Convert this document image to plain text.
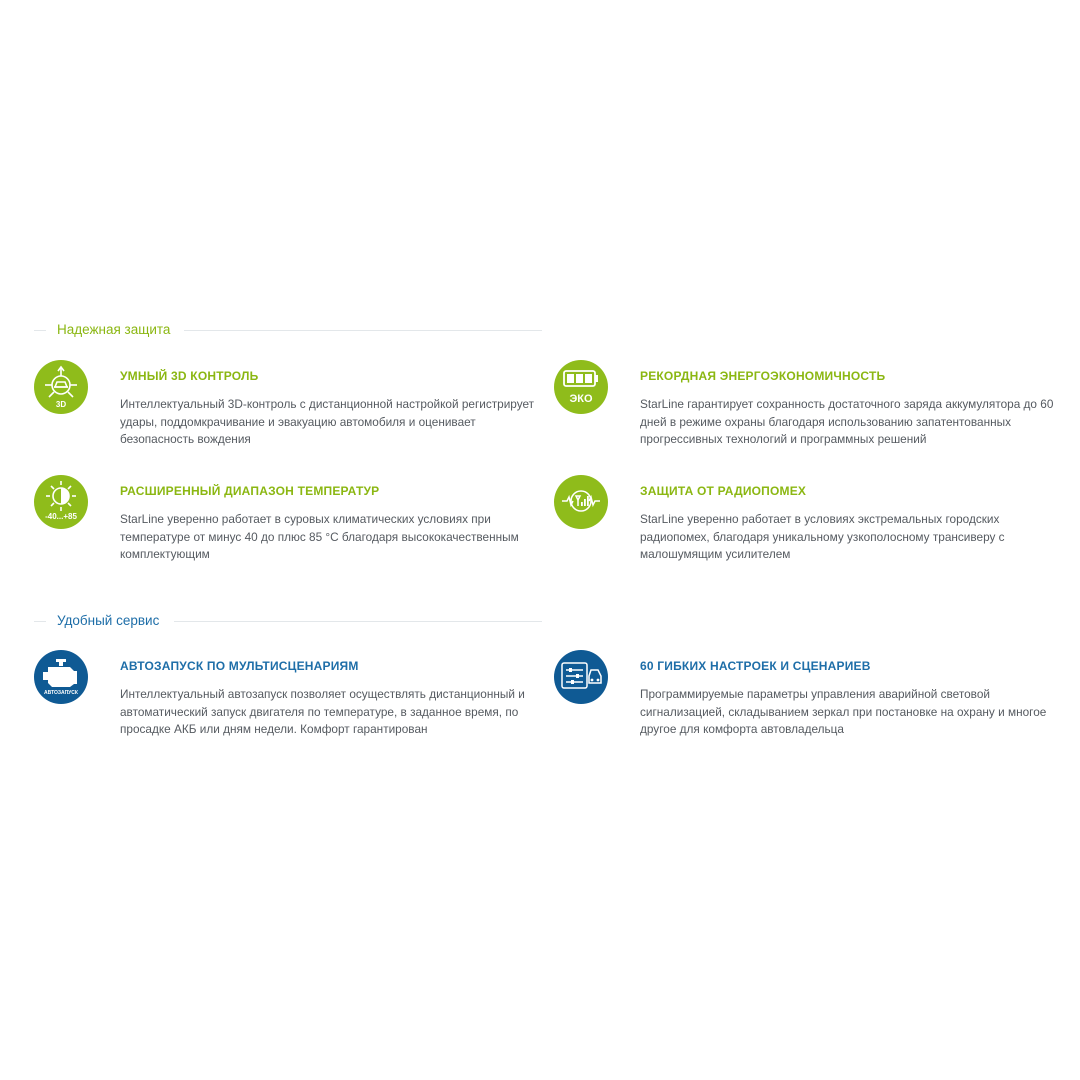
Надежная защита
3D
УМНЫЙ 3D КОНТРОЛЬ
Интеллектуальный 3D-контроль с дистанционной настройкой регистрирует удары, поддомкрачивание и эвакуацию автомобиля и оценивает безопасность вождения
ЭКО
РЕКОРДНАЯ ЭНЕРГОЭКОНОМИЧНОСТЬ
StarLine гарантирует сохранность достаточного заряда аккумулятора до 60 дней в режиме охраны благодаря использованию запатентованных прогрессивных технологий и программных решений
-40...+85
РАСШИРЕННЫЙ ДИАПАЗОН ТЕМПЕРАТУР
StarLine уверенно работает в суровых климатических условиях при температуре от минус 40 до плюс 85 °С благодаря высококачественным комплектующим
ЗАЩИТА ОТ РАДИОПОМЕХ
StarLine уверенно работает в условиях экстремальных городских радиопомех, благодаря уникальному узкополосному трансиверу с малошумящим усилителем
Удобный сервис
АВТОЗАПУСК
АВТОЗАПУСК ПО МУЛЬТИСЦЕНАРИЯМ
Интеллектуальный автозапуск позволяет осуществлять дистанционный и автоматический запуск двигателя по температуре, в заданное время, по просадке АКБ или дням недели. Комфорт гарантирован
60 ГИБКИХ НАСТРОЕК И СЦЕНАРИЕВ
Программируемые параметры управления аварийной световой сигнализацией, складыванием зеркал при постановке на охрану и многое другое для комфорта автовладельца
